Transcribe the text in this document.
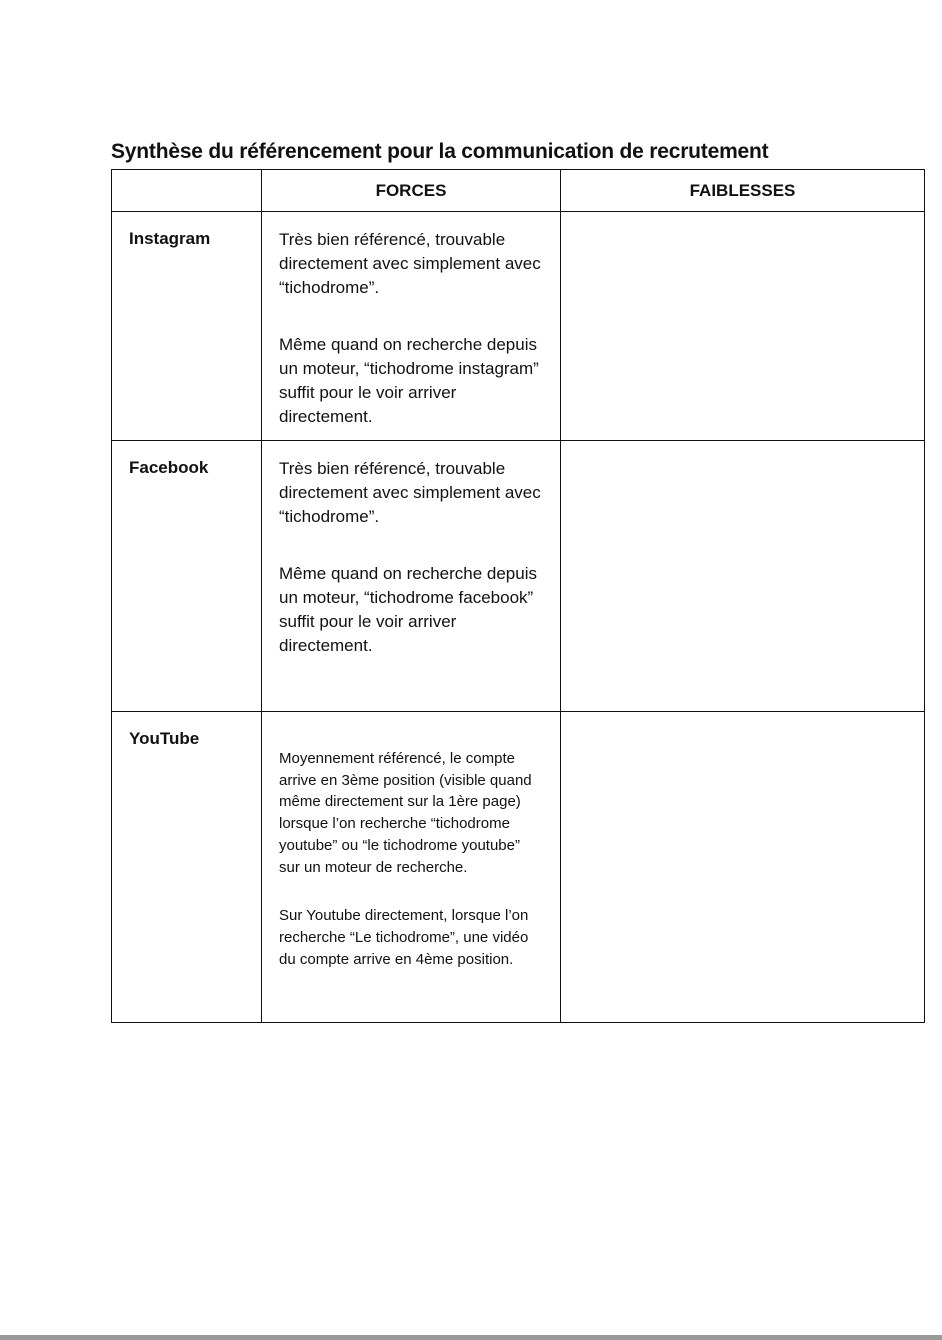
Synthèse du référencement pour la communication de recrutement
	FORCES	FAIBLESSES

Instagram	Très bien référencé, trouvable directement avec simplement avec “tichodrome”.

Même quand on recherche depuis un moteur, “tichodrome instagram” suffit pour le voir arriver directement.	

Facebook	Très bien référencé, trouvable directement avec simplement avec “tichodrome”.

Même quand on recherche depuis un moteur, “tichodrome facebook” suffit pour le voir arriver directement.	

YouTube	Moyennement référencé, le compte arrive en 3ème position (visible quand même directement sur la 1ère page) lorsque l’on recherche “tichodrome youtube” ou “le tichodrome youtube” sur un moteur de recherche.

Sur Youtube directement, lorsque l’on recherche “Le tichodrome”, une vidéo du compte arrive en 4ème position.	
